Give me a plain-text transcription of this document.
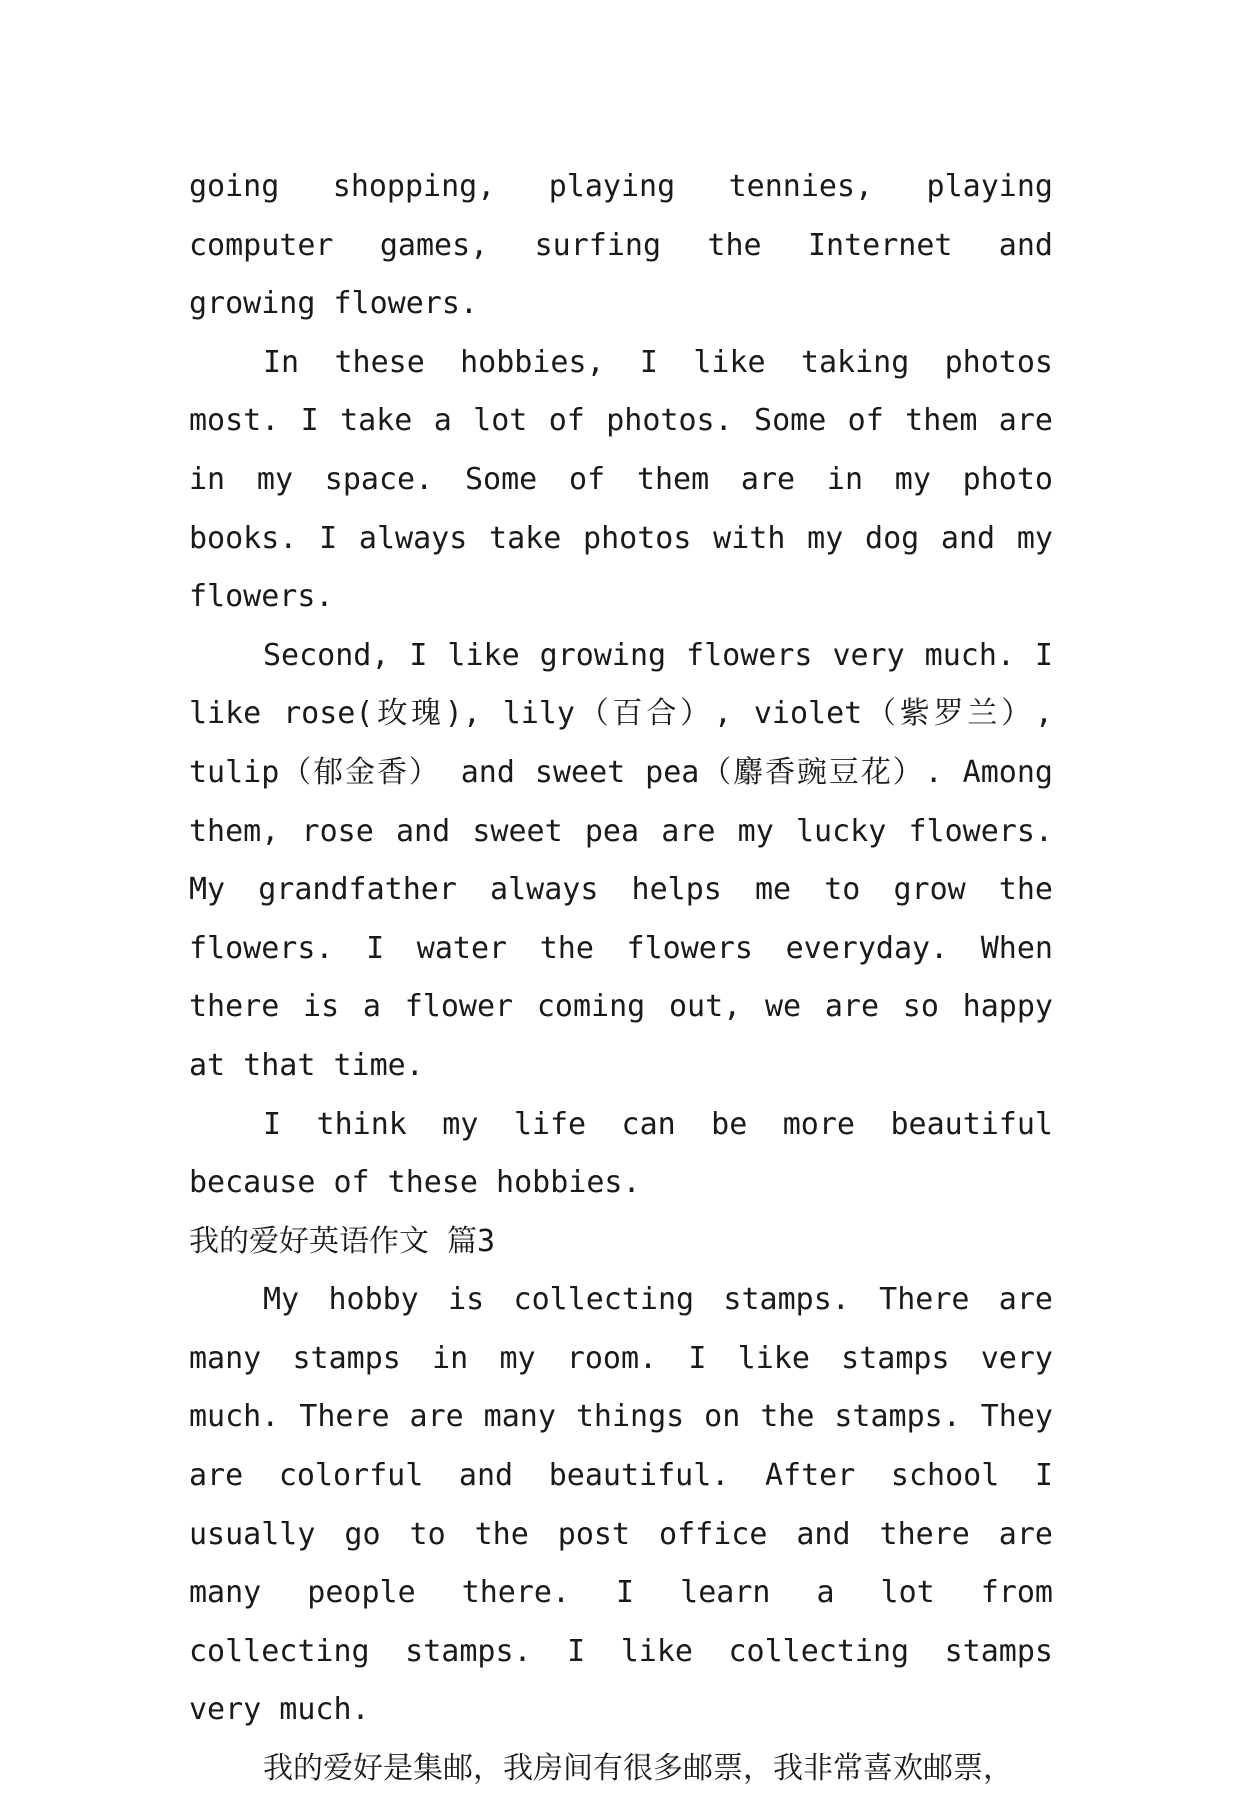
going shopping, playing tennies, playing computer games, surfing the Internet and growing flowers.

In these hobbies, I like taking photos most. I take a lot of photos. Some of them are in my space. Some of them are in my photo books. I always take photos with my dog and my flowers.

Second, I like growing flowers very much. I like rose(玫瑰), lily（百合）, violet（紫罗兰）, tulip（郁金香） and sweet pea（麝香豌豆花）. Among them, rose and sweet pea are my lucky flowers. My grandfather always helps me to grow the flowers. I water the flowers everyday. When there is a flower coming out, we are so happy at that time.

I think my life can be more beautiful because of these hobbies.

我的爱好英语作文 篇3

My hobby is collecting stamps. There are many stamps in my room. I like stamps very much. There are many things on the stamps. They are colorful and beautiful. After school I usually go to the post office and there are many people there. I learn a lot from collecting stamps. I like collecting stamps very much.

我的爱好是集邮，我房间有很多邮票，我非常喜欢邮票，
